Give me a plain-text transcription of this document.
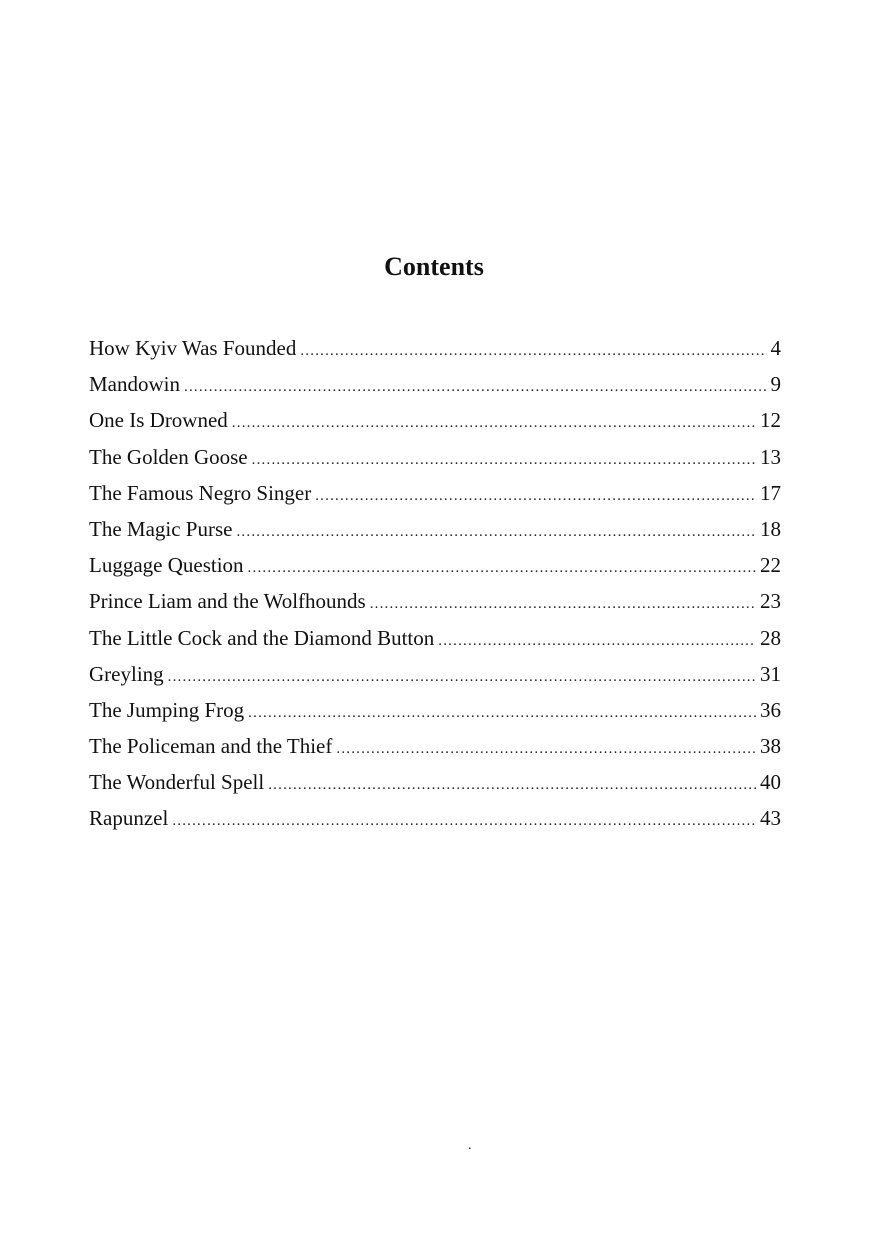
Contents
How Kyiv Was Founded .....	4
Mandowin .....	9
One Is Drowned .....	12
The Golden Goose .....	13
The Famous Negro Singer .....	17
The Magic Purse .....	18
Luggage Question .....	22
Prince Liam and the Wolfhounds .....	23
The Little Cock and the Diamond Button .....	28
Greyling .....	31
The Jumping Frog .....	36
The Policeman and the Thief .....	38
The Wonderful Spell .....	40
Rapunzel .....	43
.
